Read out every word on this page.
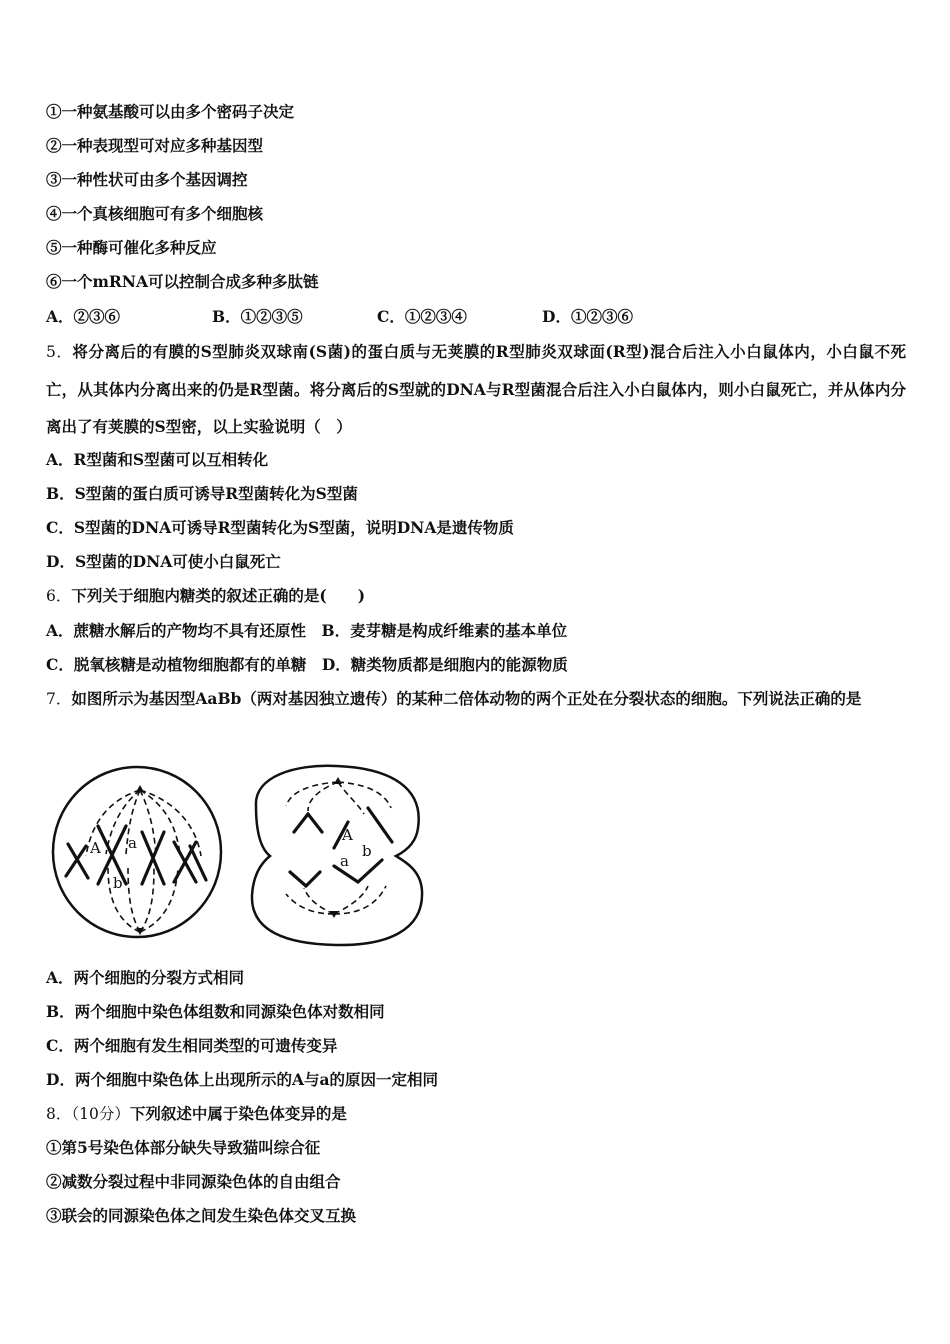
①一种氨基酸可以由多个密码子决定
②一种表现型可对应多种基因型
③一种性状可由多个基因调控
④一个真核细胞可有多个细胞核
⑤一种酶可催化多种反应
⑥一个mRNA可以控制合成多种多肽链
A．②③⑥	B．①②③⑤	C．①②③④	D．①②③⑥
5．将分离后的有膜的S型肺炎双球南(S菌)的蛋白质与无荚膜的R型肺炎双球面(R型)混合后注入小白鼠体内，小白鼠不死亡，从其体内分离出来的仍是R型菌。将分离后的S型就的DNA与R型菌混合后注入小白鼠体内，则小白鼠死亡，并从体内分离出了有荚膜的S型密，以上实验说明（　）
A．R型菌和S型菌可以互相转化
B．S型菌的蛋白质可诱导R型菌转化为S型菌
C．S型菌的DNA可诱导R型菌转化为S型菌，说明DNA是遗传物质
D．S型菌的DNA可使小白鼠死亡
6．下列关于细胞内糖类的叙述正确的是(　　)
A．蔗糖水解后的产物均不具有还原性　B．麦芽糖是构成纤维素的基本单位
C．脱氧核糖是动植物细胞都有的单糖　D．糖类物质都是细胞内的能源物质
7．如图所示为基因型AaBb（两对基因独立遗传）的某种二倍体动物的两个正处在分裂状态的细胞。下列说法正确的是
A a
b
A
a
b
A．两个细胞的分裂方式相同
B．两个细胞中染色体组数和同源染色体对数相同
C．两个细胞有发生相同类型的可遗传变异
D．两个细胞中染色体上出现所示的A与a的原因一定相同
8．（10分）下列叙述中属于染色体变异的是
①第5号染色体部分缺失导致猫叫综合征
②减数分裂过程中非同源染色体的自由组合
③联会的同源染色体之间发生染色体交叉互换
